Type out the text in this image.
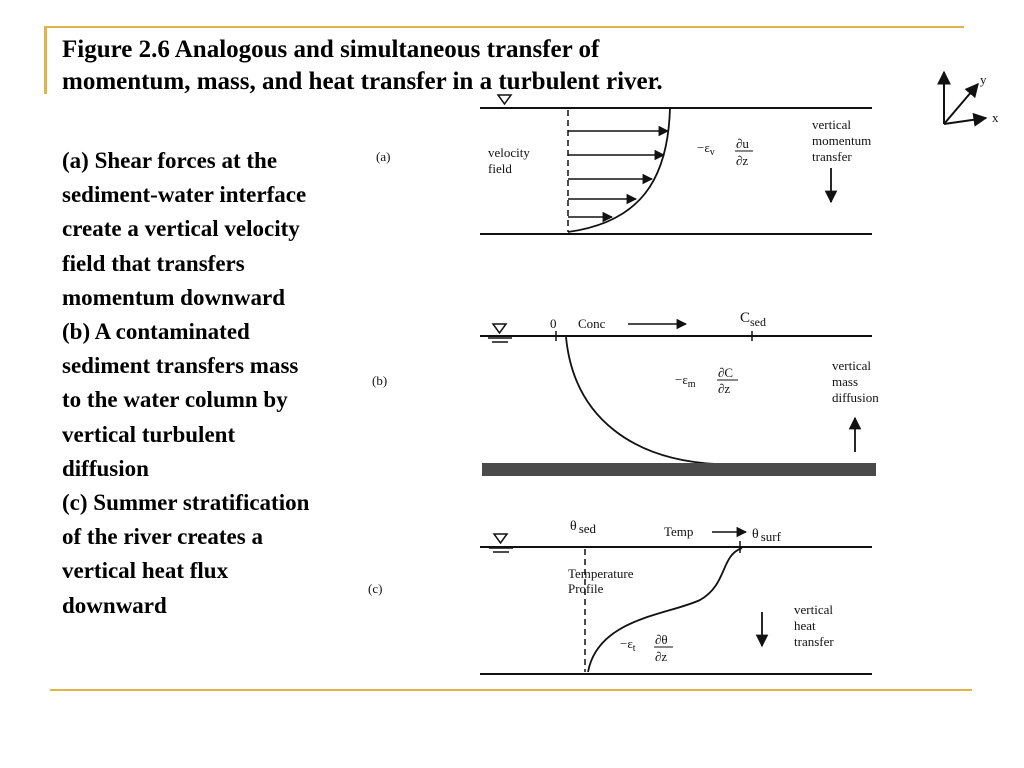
Figure 2.6 Analogous and simultaneous transfer of
momentum, mass, and heat transfer in a turbulent river.
(a) Shear forces at the
sediment-water interface
create a vertical velocity
field that transfers
momentum downward
(b) A contaminated
sediment transfers mass
to the water column by
vertical turbulent
diffusion
(c) Summer stratification
of the river creates a
vertical heat flux
downward
x
y
(a)	velocity field
$-\varepsilon_v$
∂u
∂z
vertical momentum transfer
(b)
0 Conc	$C_{sed}$
$-\varepsilon_m$
∂C
∂z
vertical mass diffusion
(c)
θ sed	Temp	θ surf
Temperature Profile
$-\varepsilon_t$
∂θ
∂z
vertical heat transfer
